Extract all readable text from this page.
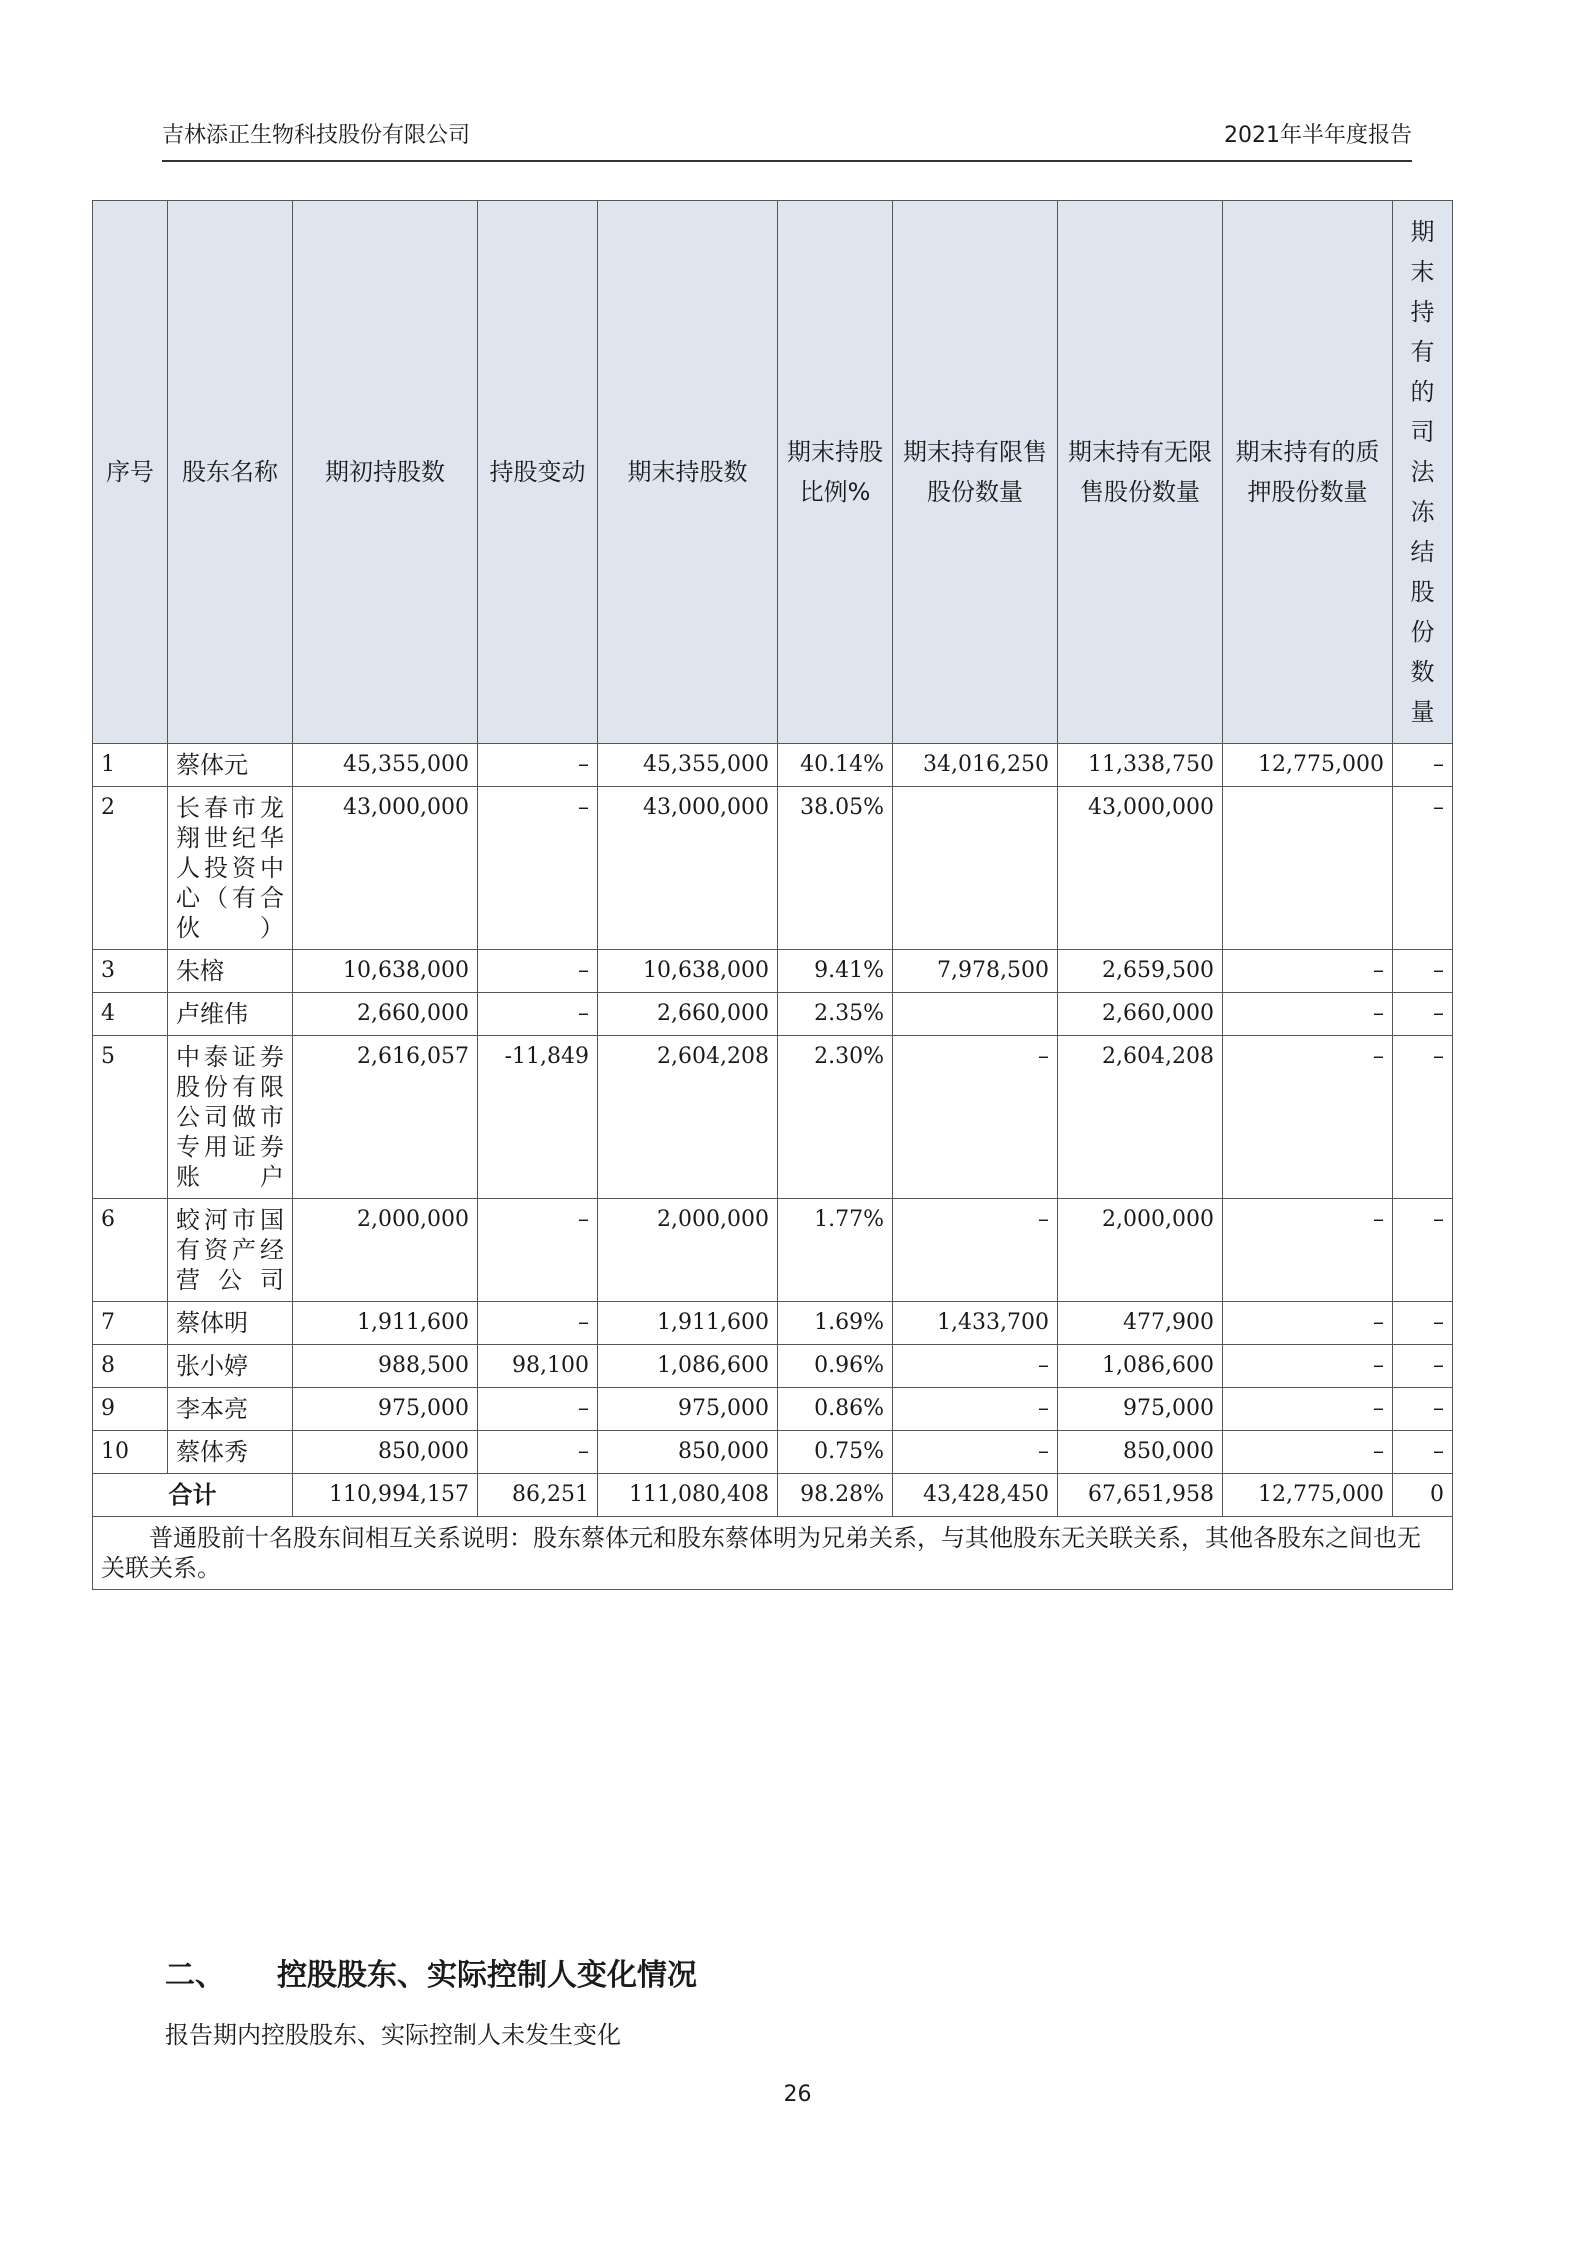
吉林添正生物科技股份有限公司	2021年半年度报告
序号	股东名称	期初持股数	持股变动	期末持股数	期末持股比例%	期末持有限售股份数量	期末持有无限售股份数量	期末持有的质押股份数量	期末持有的司法冻结股份数量
1	蔡体元	45,355,000	–	45,355,000	40.14%	34,016,250	11,338,750	12,775,000	–
2	长春市龙翔世纪华人投资中心（有合伙）	43,000,000	–	43,000,000	38.05%		43,000,000		–
3	朱榕	10,638,000	–	10,638,000	9.41%	7,978,500	2,659,500	–	–
4	卢维伟	2,660,000	–	2,660,000	2.35%		2,660,000	–	–
5	中泰证券股份有限公司做市专用证券账户	2,616,057	-11,849	2,604,208	2.30%	–	2,604,208	–	–
6	蛟河市国有资产经营公司	2,000,000	–	2,000,000	1.77%	–	2,000,000	–	–
7	蔡体明	1,911,600	–	1,911,600	1.69%	1,433,700	477,900	–	–
8	张小婷	988,500	98,100	1,086,600	0.96%	–	1,086,600	–	–
9	李本亮	975,000	–	975,000	0.86%	–	975,000	–	–
10	蔡体秀	850,000	–	850,000	0.75%	–	850,000	–	–
合计		110,994,157	86,251	111,080,408	98.28%	43,428,450	67,651,958	12,775,000	0
普通股前十名股东间相互关系说明：股东蔡体元和股东蔡体明为兄弟关系，与其他股东无关联关系，其他各股东之间也无关联关系。									
二、 控股股东、实际控制人变化情况
报告期内控股股东、实际控制人未发生变化
26
